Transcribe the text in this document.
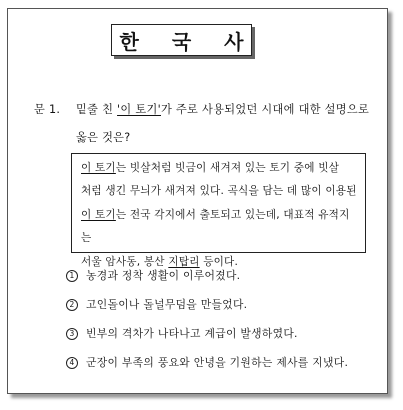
한 국 사
문 1. 밑줄 친 '이 토기'가 주로 사용되었던 시대에 대한 설명으로
옳은 것은?
이 토기는 빗살처럼 빗금이 새겨져 있는 토기 중에 빗살
처럼 생긴 무늬가 새겨져 있다. 곡식을 담는 데 많이 이용된
이 토기는 전국 각지에서 출토되고 있는데, 대표적 유적지는
서울 암사동, 봉산 지탑리 등이다.
1	농경과 정착 생활이 이루어졌다.
2	고인돌이나 돌널무덤을 만들었다.
3	빈부의 격차가 나타나고 계급이 발생하였다.
4	군장이 부족의 풍요와 안녕을 기원하는 제사를 지냈다.
